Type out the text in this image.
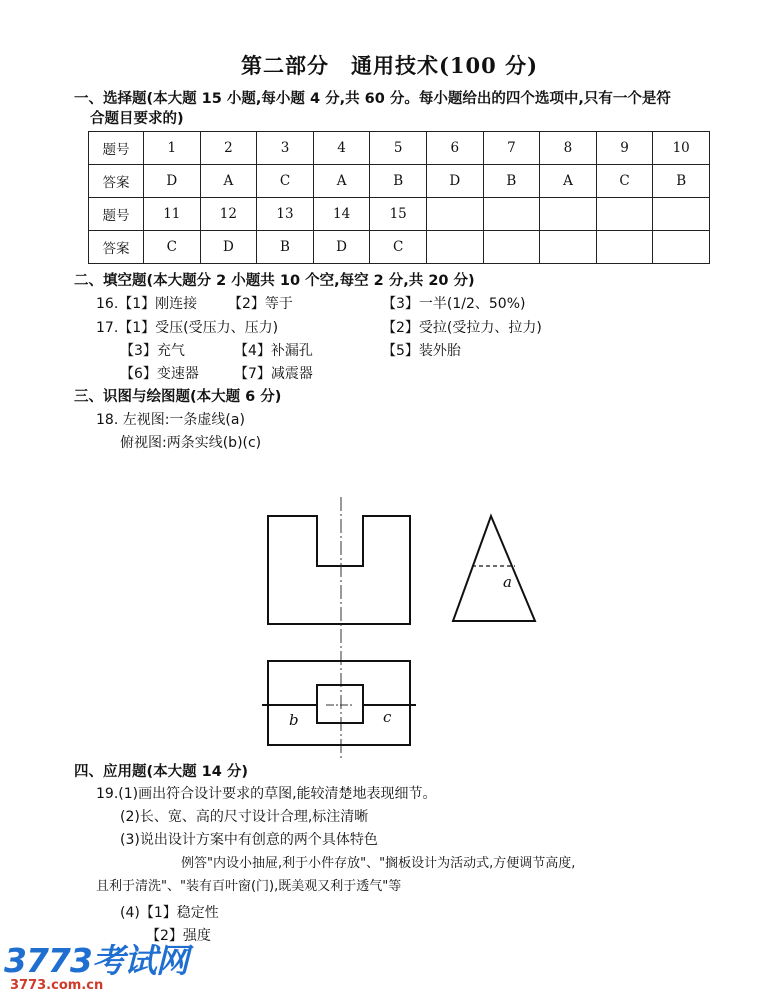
第二部分　通用技术(100 分)
一、选择题(本大题 15 小题,每小题 4 分,共 60 分。每小题给出的四个选项中,只有一个是符
合题目要求的)
题号	1	2	3	4	5	6	7	8	9	10
答案	D	A	C	A	B	D	B	A	C	B
题号	11	12	13	14	15					
答案	C	D	B	D	C					
二、填空题(本大题分 2 小题共 10 个空,每空 2 分,共 20 分)
16.【1】刚连接 【2】等于	【3】一半(1/2、50%)
17.【1】受压(受压力、压力)	【2】受拉(受拉力、拉力)
【3】充气	【4】补漏孔	【5】装外胎
【6】变速器	【7】减震器
三、识图与绘图题(本大题 6 分)
18. 左视图:一条虚线(a)
俯视图:两条实线(b)(c)
a
b	c
四、应用题(本大题 14 分)
19.(1)画出符合设计要求的草图,能较清楚地表现细节。
(2)长、宽、高的尺寸设计合理,标注清晰
(3)说出设计方案中有创意的两个具体特色
例答"内设小抽屉,利于小件存放"、"搁板设计为活动式,方便调节高度,
且利于清洗"、"装有百叶窗(门),既美观又利于透气"等
(4)【1】稳定性
【2】强度
3773考试网
3773.com.cn
